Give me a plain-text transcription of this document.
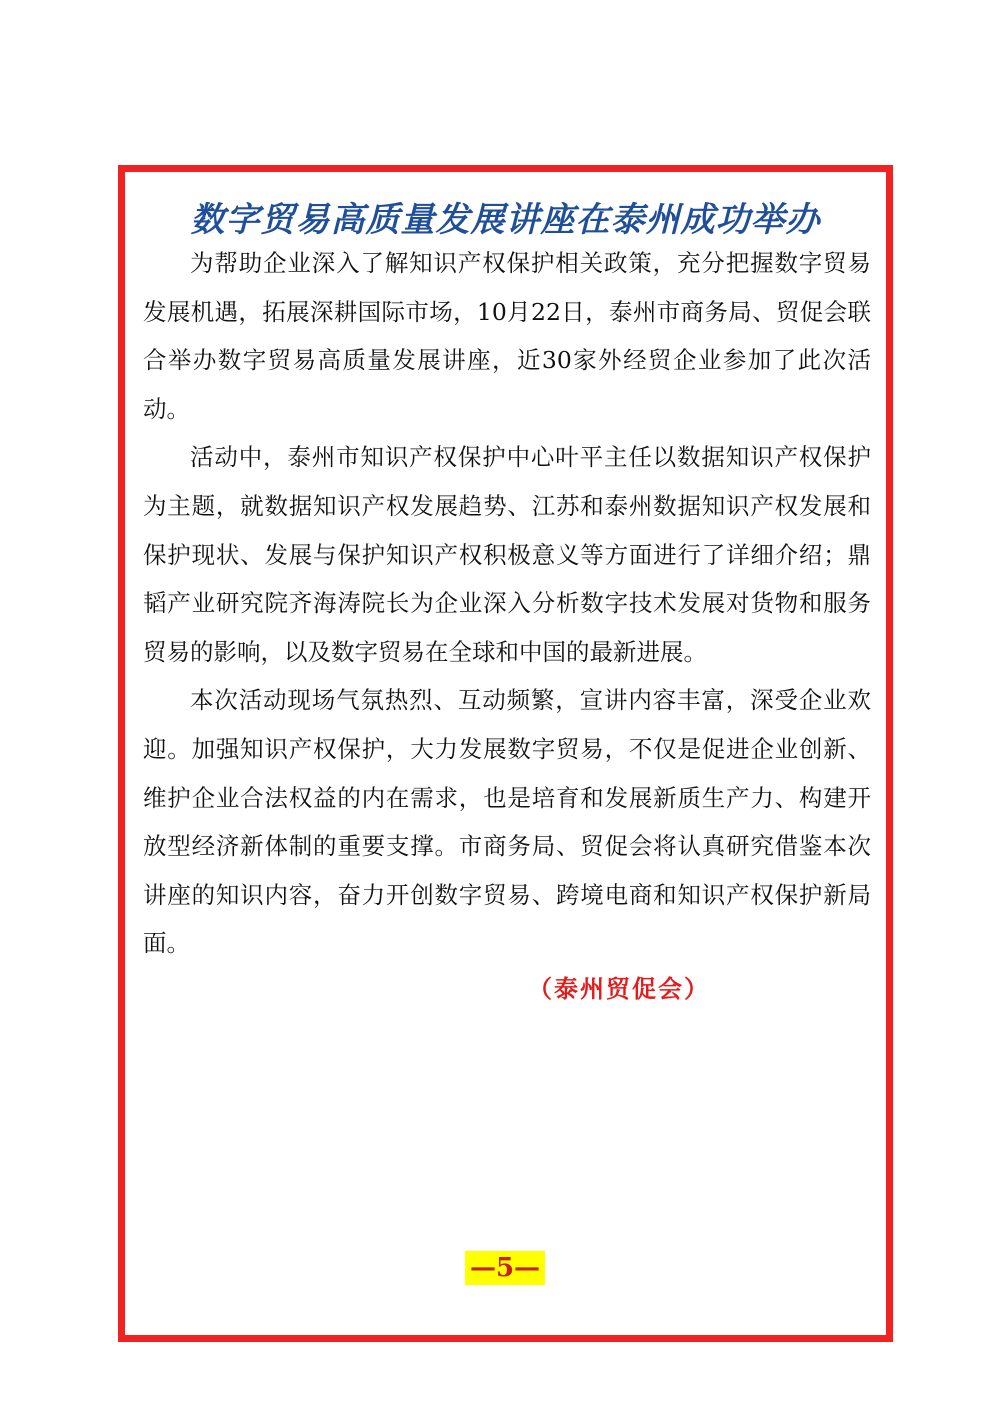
数字贸易高质量发展讲座在泰州成功举办

为帮助企业深入了解知识产权保护相关政策，充分把握数字贸易发展机遇，拓展深耕国际市场，10月22日，泰州市商务局、贸促会联合举办数字贸易高质量发展讲座，近30家外经贸企业参加了此次活动。

活动中，泰州市知识产权保护中心叶平主任以数据知识产权保护为主题，就数据知识产权发展趋势、江苏和泰州数据知识产权发展和保护现状、发展与保护知识产权积极意义等方面进行了详细介绍；鼎韬产业研究院齐海涛院长为企业深入分析数字技术发展对货物和服务贸易的影响，以及数字贸易在全球和中国的最新进展。

本次活动现场气氛热烈、互动频繁，宣讲内容丰富，深受企业欢迎。加强知识产权保护，大力发展数字贸易，不仅是促进企业创新、维护企业合法权益的内在需求，也是培育和发展新质生产力、构建开放型经济新体制的重要支撑。市商务局、贸促会将认真研究借鉴本次讲座的知识内容，奋力开创数字贸易、跨境电商和知识产权保护新局面。

（泰州贸促会）
—5—
